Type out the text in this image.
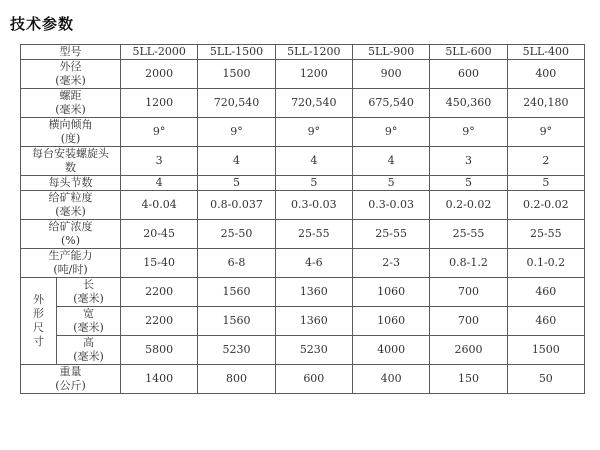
技术参数
型号		5LL-2000	5LL-1500	5LL-1200	5LL-900	5LL-600	5LL-400
外径
(毫米)		2000	1500	1200	900	600	400
螺距
(毫米)		1200	720,540	720,540	675,540	450,360	240,180
横向倾角
(度)		9°	9°	9°	9°	9°	9°
每台安装螺旋头
数		3	4	4	4	3	2
每头节数		4	5	5	5	5	5
给矿粒度
(毫米)		4-0.04	0.8-0.037	0.3-0.03	0.3-0.03	0.2-0.02	0.2-0.02
给矿浓度
(%)		20-45	25-50	25-55	25-55	25-55	25-55
生产能力
(吨/时)		15-40	6-8	4-6	2-3	0.8-1.2	0.1-0.2
外
形
尺
寸	长
(毫米)	2200	1560	1360	1060	700	460
	宽
(毫米)	2200	1560	1360	1060	700	460
	高
(毫米)	5800	5230	5230	4000	2600	1500
重量
(公斤)		1400	800	600	400	150	50
